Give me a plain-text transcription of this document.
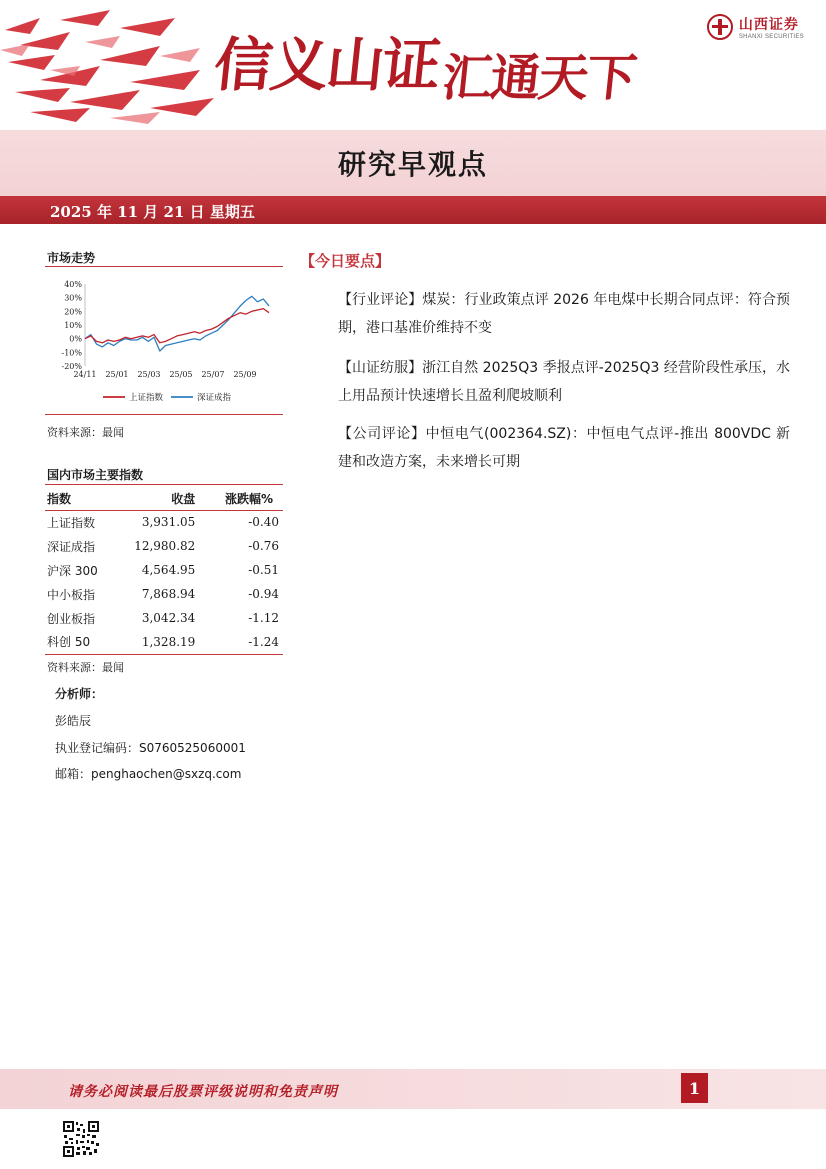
信义山证汇通天下
山西证券
SHANXI SECURITIES
研究早观点
2025 年 11 月 21 日 星期五
市场走势
40%
30%
20%
10%
0%
-10%
-20%
24/11 25/01 25/03 25/05 25/07 25/09
上证指数	深证成指
资料来源：最闻
国内市场主要指数
指数	收盘	涨跌幅%
上证指数	3,931.05	-0.40
深证成指	12,980.82	-0.76
沪深 300	4,564.95	-0.51
中小板指	7,868.94	-0.94
创业板指	3,042.34	-1.12
科创 50	1,328.19	-1.24
资料来源：最闻
分析师：
彭皓辰
执业登记编码：S0760525060001
邮箱：penghaochen@sxzq.com
【今日要点】
【行业评论】煤炭：行业政策点评 2026 年电煤中长期合同点评：符合预期，港口基准价维持不变
【山证纺服】浙江自然 2025Q3 季报点评-2025Q3 经营阶段性承压，水上用品预计快速增长且盈利爬坡顺利
【公司评论】中恒电气(002364.SZ)：中恒电气点评-推出 800VDC 新建和改造方案，未来增长可期
请务必阅读最后股票评级说明和免责声明	1
